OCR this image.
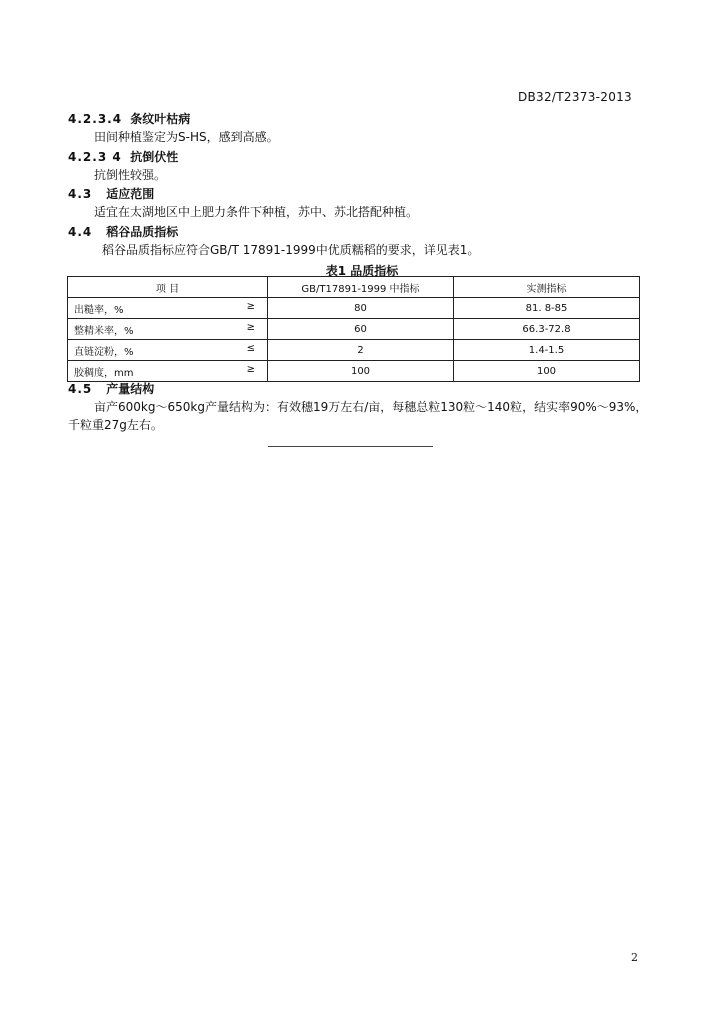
DB32/T2373-2013
4.2.3.4 条纹叶枯病
田间种植鉴定为S-HS，感到高感。
4.2.3 4 抗倒伏性
抗倒性较强。
4.3 适应范围
适宜在太湖地区中上肥力条件下种植，苏中、苏北搭配种植。
4.4 稻谷品质指标
稻谷品质指标应符合GB/T 17891-1999中优质糯稻的要求，详见表1。
表1 品质指标
项 目	GB/T17891-1999 中指标	实测指标

出糙率，% ≥	80	81. 8-85

整精米率，% ≥	60	66.3-72.8

直链淀粉，% ≤	2	1.4-1.5

胶稠度，mm ≥	100	100
4.5 产量结构
亩产600kg～650kg产量结构为：有效穗19万左右/亩，每穗总粒130粒～140粒，结实率90%～93%，
千粒重27g左右。
2
